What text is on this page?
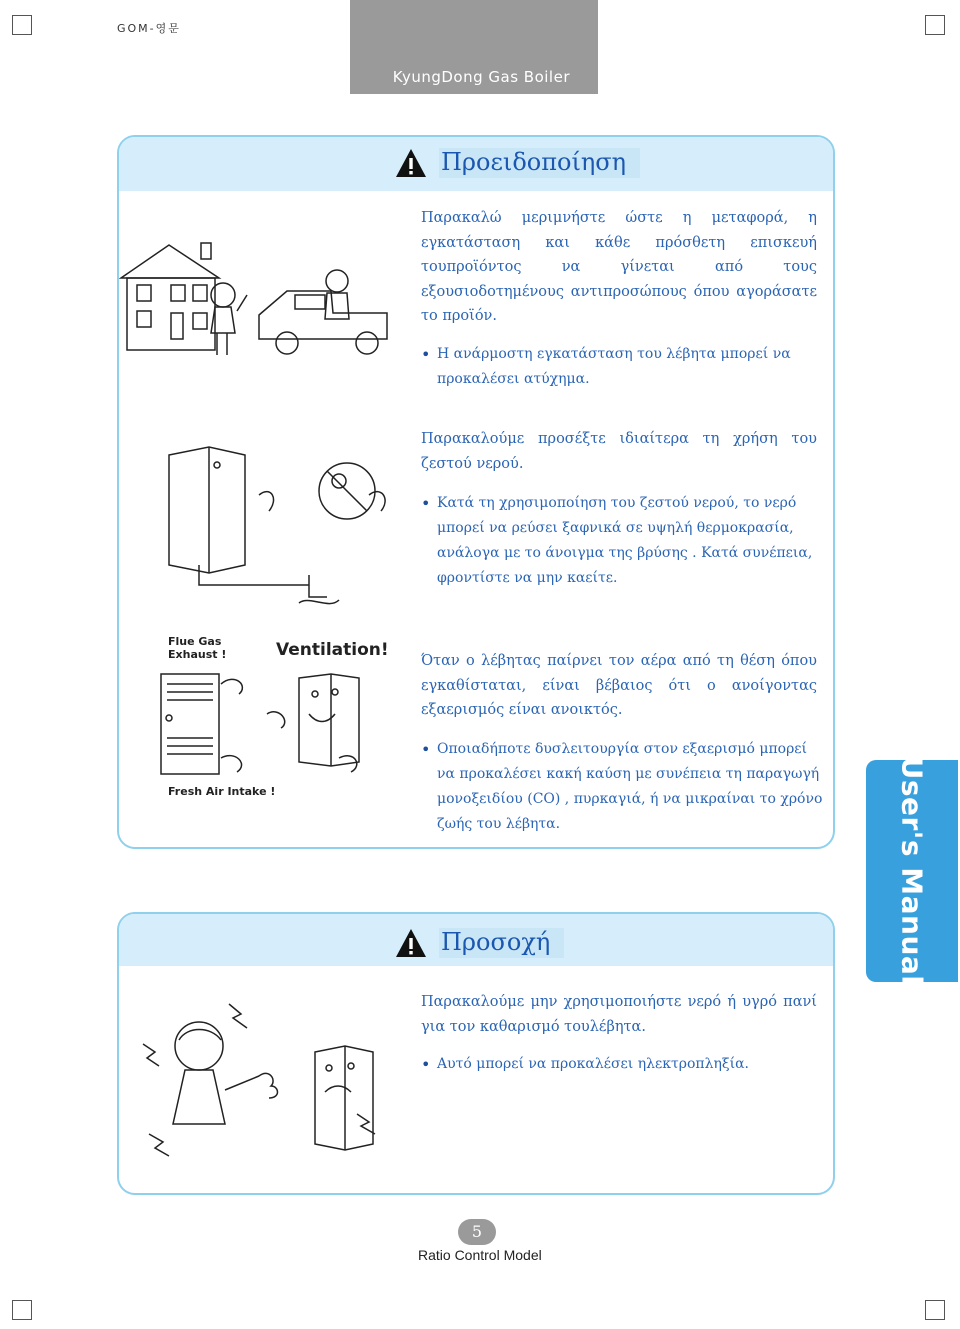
GOM-영문
KyungDong Gas Boiler
Προειδοποίηση
Παρακαλώ μεριμνήστε ώστε η μεταφορά, η εγκατάσταση και κάθε πρόσθετη επισκευή τουπροϊόντος να γίνεται από τους εξουσιοδοτημένους αντιπροσώπους όπου αγοράσατε το προϊόν.
• Η ανάρμοστη εγκατάσταση του λέβητα μπορεί να προκαλέσει ατύχημα.
Παρακαλούμε προσέξτε ιδιαίτερα τη χρήση του ζεστού νερού.
• Κατά τη χρησιμοποίηση του ζεστού νερού, το νερό μπορεί να ρεύσει ξαφνικά σε υψηλή θερμοκρασία, ανάλογα με το άνοιγμα της βρύσης . Κατά συνέπεια, φροντίστε να μην καείτε.
Flue Gas
Exhaust !	Ventilation!
Fresh Air Intake !
Όταν ο λέβητας παίρνει τον αέρα από τη θέση όπου εγκαθίσταται, είναι βέβαιος ότι ο ανοίγοντας εξαερισμός είναι ανοικτός.
• Οποιαδήποτε δυσλειτουργία στον εξαερισμό μπορεί να προκαλέσει κακή καύση με συνέπεια τη παραγωγή μονοξειδίου (CO) , πυρκαγιά, ή να μικραίναι το χρόνο ζωής του λέβητα.
Προσοχή
Παρακαλούμε μην χρησιμοποιήστε νερό ή υγρό πανί για τον καθαρισμό τουλέβητα.
• Αυτό μπορεί να προκαλέσει ηλεκτροπληξία.
User's Manual
5
Ratio Control Model
